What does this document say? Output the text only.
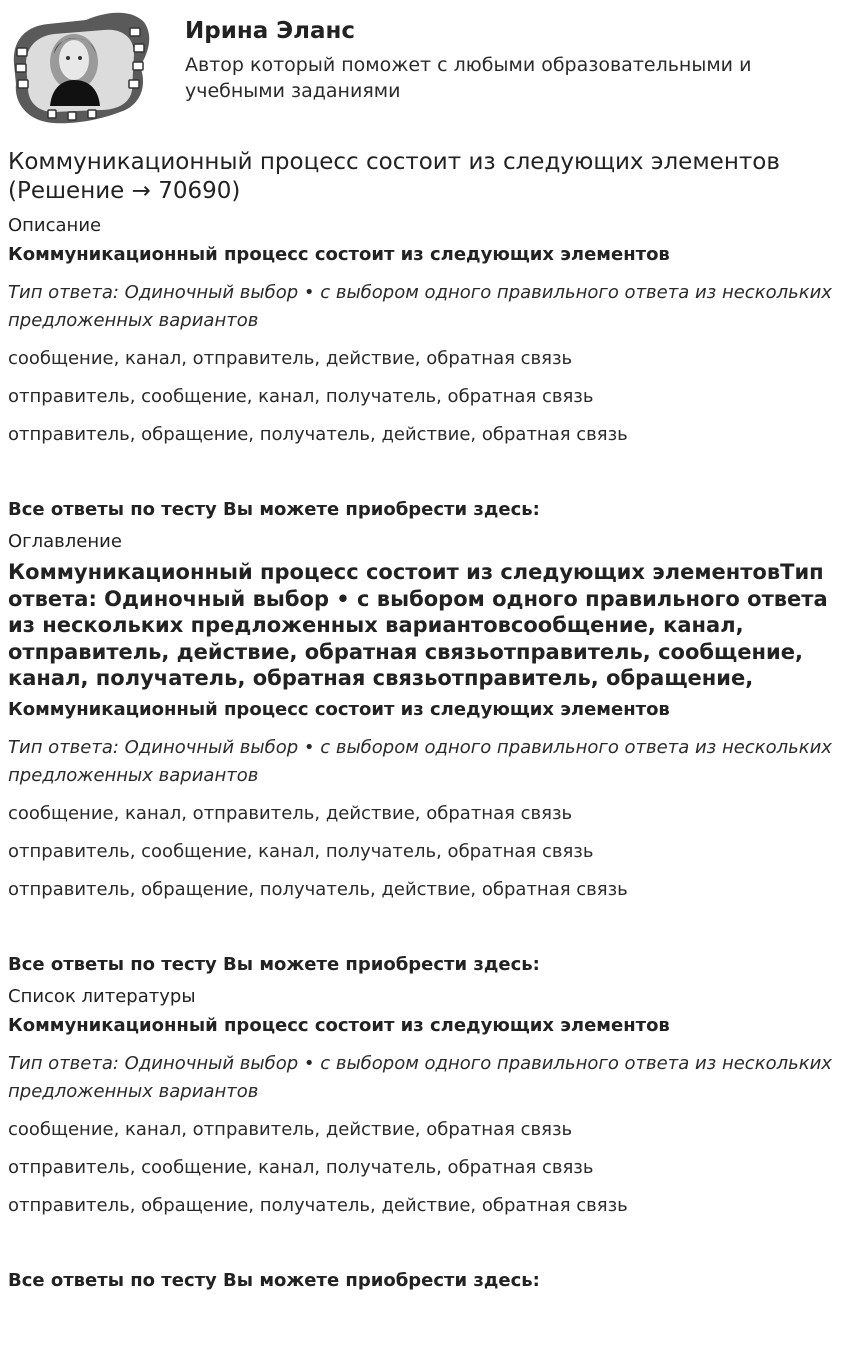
Ирина Эланс
Автор который поможет с любыми образовательными и учебными заданиями
Коммуникационный процесс состоит из следующих элементов (Решение → 70690)
Описание
Коммуникационный процесс состоит из следующих элементов
Тип ответа: Одиночный выбор • с выбором одного правильного ответа из нескольких предложенных вариантов
сообщение, канал, отправитель, действие, обратная связь
отправитель, сообщение, канал, получатель, обратная связь
отправитель, обращение, получатель, действие, обратная связь
Все ответы по тесту Вы можете приобрести здесь:
Оглавление
Коммуникационный процесс состоит из следующих элементовТип ответа: Одиночный выбор • с выбором одного правильного ответа из нескольких предложенных вариантовсообщение, канал, отправитель, действие, обратная связьотправитель, сообщение, канал, получатель, обратная связьотправитель, обращение,
Коммуникационный процесс состоит из следующих элементов
Тип ответа: Одиночный выбор • с выбором одного правильного ответа из нескольких предложенных вариантов
сообщение, канал, отправитель, действие, обратная связь
отправитель, сообщение, канал, получатель, обратная связь
отправитель, обращение, получатель, действие, обратная связь
Все ответы по тесту Вы можете приобрести здесь:
Список литературы
Коммуникационный процесс состоит из следующих элементов
Тип ответа: Одиночный выбор • с выбором одного правильного ответа из нескольких предложенных вариантов
сообщение, канал, отправитель, действие, обратная связь
отправитель, сообщение, канал, получатель, обратная связь
отправитель, обращение, получатель, действие, обратная связь
Все ответы по тесту Вы можете приобрести здесь:
